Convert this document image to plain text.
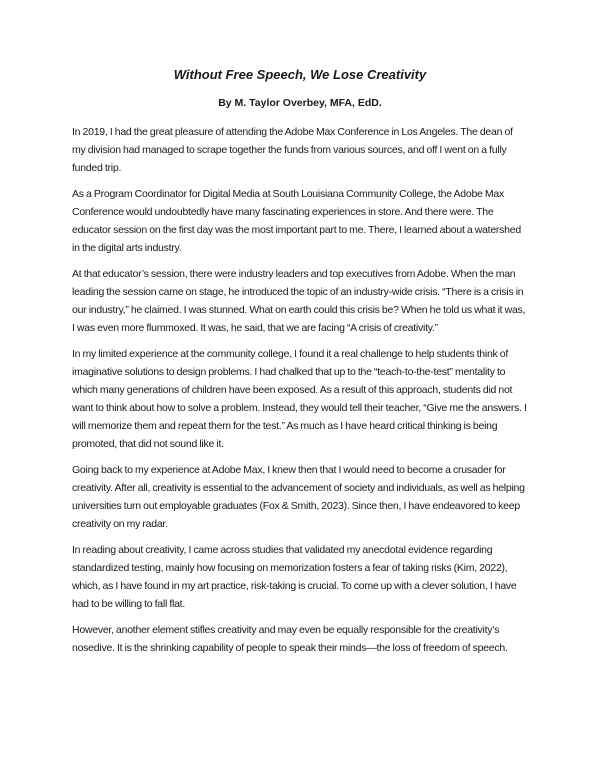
Without Free Speech, We Lose Creativity
By M. Taylor Overbey, MFA, EdD.

In 2019, I had the great pleasure of attending the Adobe Max Conference in Los Angeles. The dean of my division had managed to scrape together the funds from various sources, and off I went on a fully funded trip.

As a Program Coordinator for Digital Media at South Louisiana Community College, the Adobe Max Conference would undoubtedly have many fascinating experiences in store. And there were. The educator session on the first day was the most important part to me. There, I learned about a watershed in the digital arts industry.

At that educator’s session, there were industry leaders and top executives from Adobe. When the man leading the session came on stage, he introduced the topic of an industry-wide crisis. “There is a crisis in our industry,” he claimed. I was stunned. What on earth could this crisis be? When he told us what it was, I was even more flummoxed. It was, he said, that we are facing “A crisis of creativity.”

In my limited experience at the community college, I found it a real challenge to help students think of imaginative solutions to design problems. I had chalked that up to the “teach-to-the-test” mentality to which many generations of children have been exposed. As a result of this approach, students did not want to think about how to solve a problem. Instead, they would tell their teacher, “Give me the answers. I will memorize them and repeat them for the test.” As much as I have heard critical thinking is being promoted, that did not sound like it.

Going back to my experience at Adobe Max, I knew then that I would need to become a crusader for creativity. After all, creativity is essential to the advancement of society and individuals, as well as helping universities turn out employable graduates (Fox & Smith, 2023). Since then, I have endeavored to keep creativity on my radar.

In reading about creativity, I came across studies that validated my anecdotal evidence regarding standardized testing, mainly how focusing on memorization fosters a fear of taking risks (Kim, 2022), which, as I have found in my art practice, risk-taking is crucial. To come up with a clever solution, I have had to be willing to fall flat.

However, another element stifles creativity and may even be equally responsible for the creativity’s nosedive. It is the shrinking capability of people to speak their minds—the loss of freedom of speech.
